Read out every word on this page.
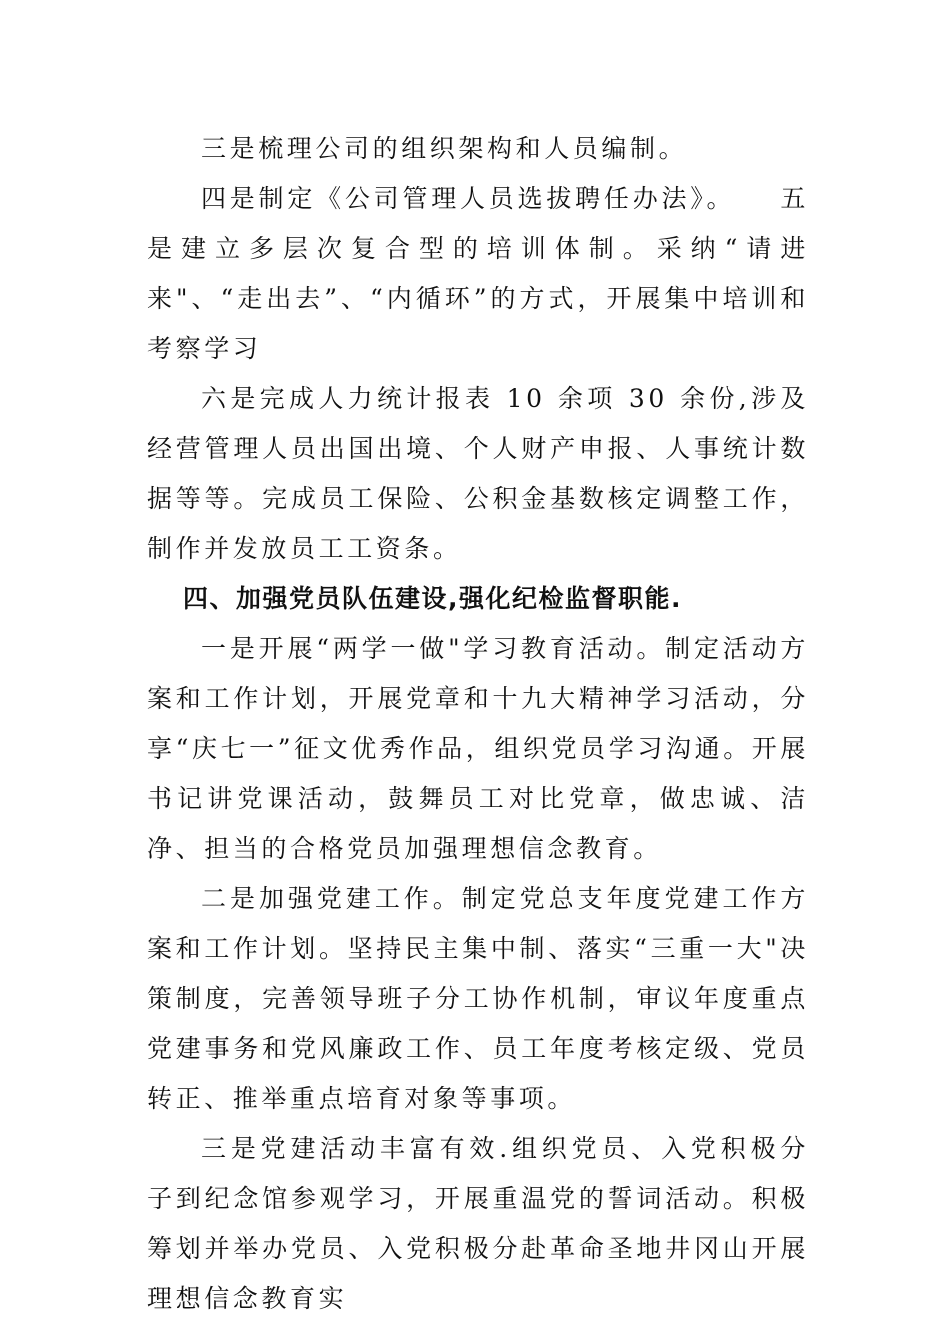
三是梳理公司的组织架构和人员编制。

四是制定《公司管理人员选拔聘任办法》。　　五是建立多层次复合型的培训体制。采纳“请进来"、“走出去”、“内循环”的方式，开展集中培训和考察学习

六是完成人力统计报表 10 余项 30 余份,涉及经营管理人员出国出境、个人财产申报、人事统计数据等等。完成员工保险、公积金基数核定调整工作，制作并发放员工工资条。

四、加强党员队伍建设,强化纪检监督职能.

一是开展“两学一做"学习教育活动。制定活动方案和工作计划，开展党章和十九大精神学习活动，分享“庆七一”征文优秀作品，组织党员学习沟通。开展书记讲党课活动，鼓舞员工对比党章，做忠诚、洁净、担当的合格党员加强理想信念教育。

二是加强党建工作。制定党总支年度党建工作方案和工作计划。坚持民主集中制、落实“三重一大"决策制度，完善领导班子分工协作机制，审议年度重点党建事务和党风廉政工作、员工年度考核定级、党员转正、推举重点培育对象等事项。

三是党建活动丰富有效.组织党员、入党积极分子到纪念馆参观学习，开展重温党的誓词活动。积极筹划并举办党员、入党积极分赴革命圣地井冈山开展理想信念教育实
